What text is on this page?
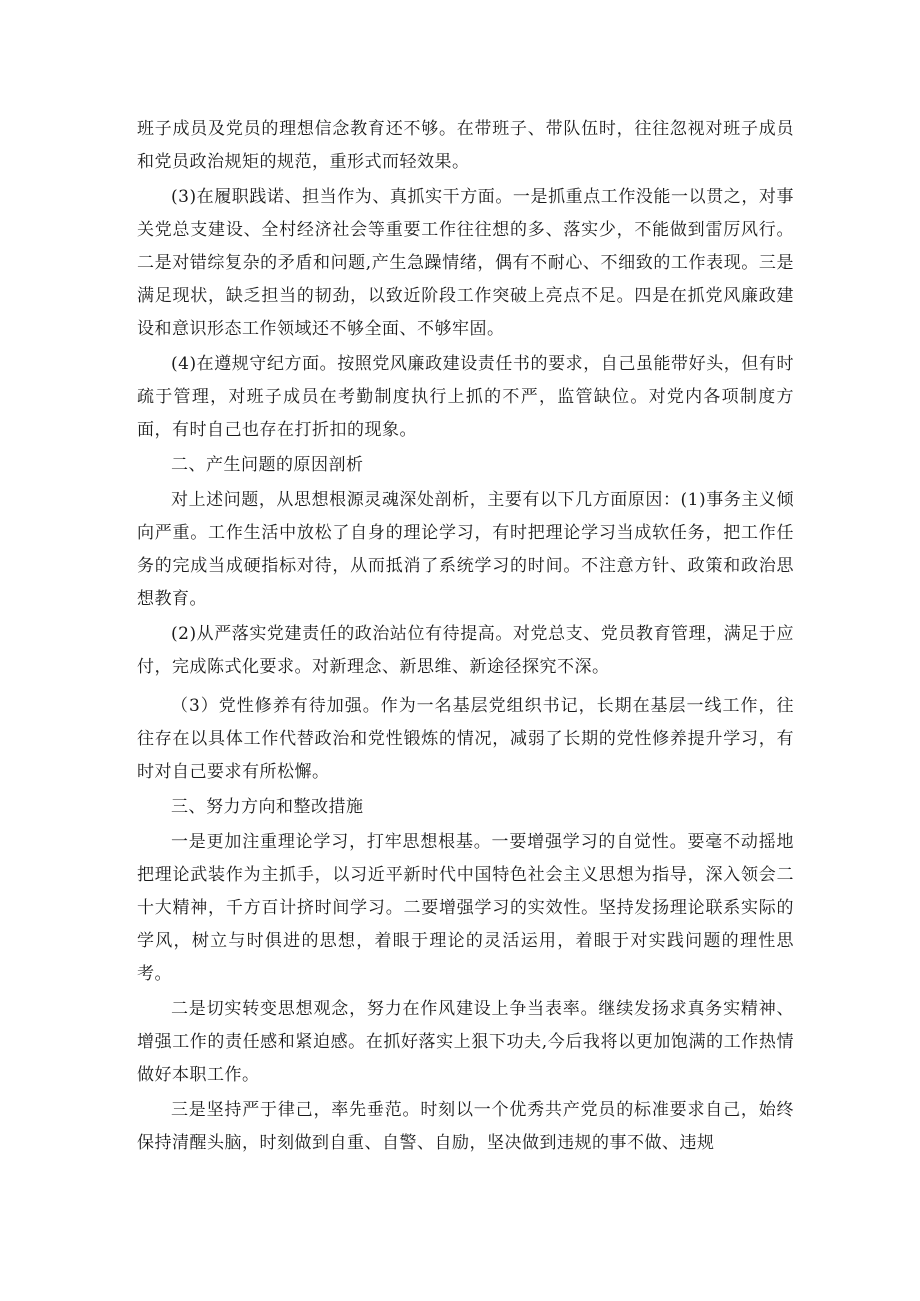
班子成员及党员的理想信念教育还不够。在带班子、带队伍时，往往忽视对班子成员和党员政治规矩的规范，重形式而轻效果。

(3)在履职践诺、担当作为、真抓实干方面。一是抓重点工作没能一以贯之，对事关党总支建设、全村经济社会等重要工作往往想的多、落实少，不能做到雷厉风行。二是对错综复杂的矛盾和问题,产生急躁情绪，偶有不耐心、不细致的工作表现。三是满足现状，缺乏担当的韧劲，以致近阶段工作突破上亮点不足。四是在抓党风廉政建设和意识形态工作领域还不够全面、不够牢固。

(4)在遵规守纪方面。按照党风廉政建设责任书的要求，自己虽能带好头，但有时疏于管理，对班子成员在考勤制度执行上抓的不严，监管缺位。对党内各项制度方面，有时自己也存在打折扣的现象。

二、产生问题的原因剖析

对上述问题，从思想根源灵魂深处剖析，主要有以下几方面原因：(1)事务主义倾向严重。工作生活中放松了自身的理论学习，有时把理论学习当成软任务，把工作任务的完成当成硬指标对待，从而抵消了系统学习的时间。不注意方针、政策和政治思想教育。

(2)从严落实党建责任的政治站位有待提高。对党总支、党员教育管理，满足于应付，完成陈式化要求。对新理念、新思维、新途径探究不深。

（3）党性修养有待加强。作为一名基层党组织书记，长期在基层一线工作，往往存在以具体工作代替政治和党性锻炼的情况，减弱了长期的党性修养提升学习，有时对自己要求有所松懈。

三、努力方向和整改措施

一是更加注重理论学习，打牢思想根基。一要增强学习的自觉性。要毫不动摇地把理论武装作为主抓手，以习近平新时代中国特色社会主义思想为指导，深入领会二十大精神，千方百计挤时间学习。二要增强学习的实效性。坚持发扬理论联系实际的学风，树立与时俱进的思想，着眼于理论的灵活运用，着眼于对实践问题的理性思考。

二是切实转变思想观念，努力在作风建设上争当表率。继续发扬求真务实精神、增强工作的责任感和紧迫感。在抓好落实上狠下功夫,今后我将以更加饱满的工作热情做好本职工作。

三是坚持严于律己，率先垂范。时刻以一个优秀共产党员的标准要求自己，始终保持清醒头脑，时刻做到自重、自警、自励，坚决做到违规的事不做、违规
